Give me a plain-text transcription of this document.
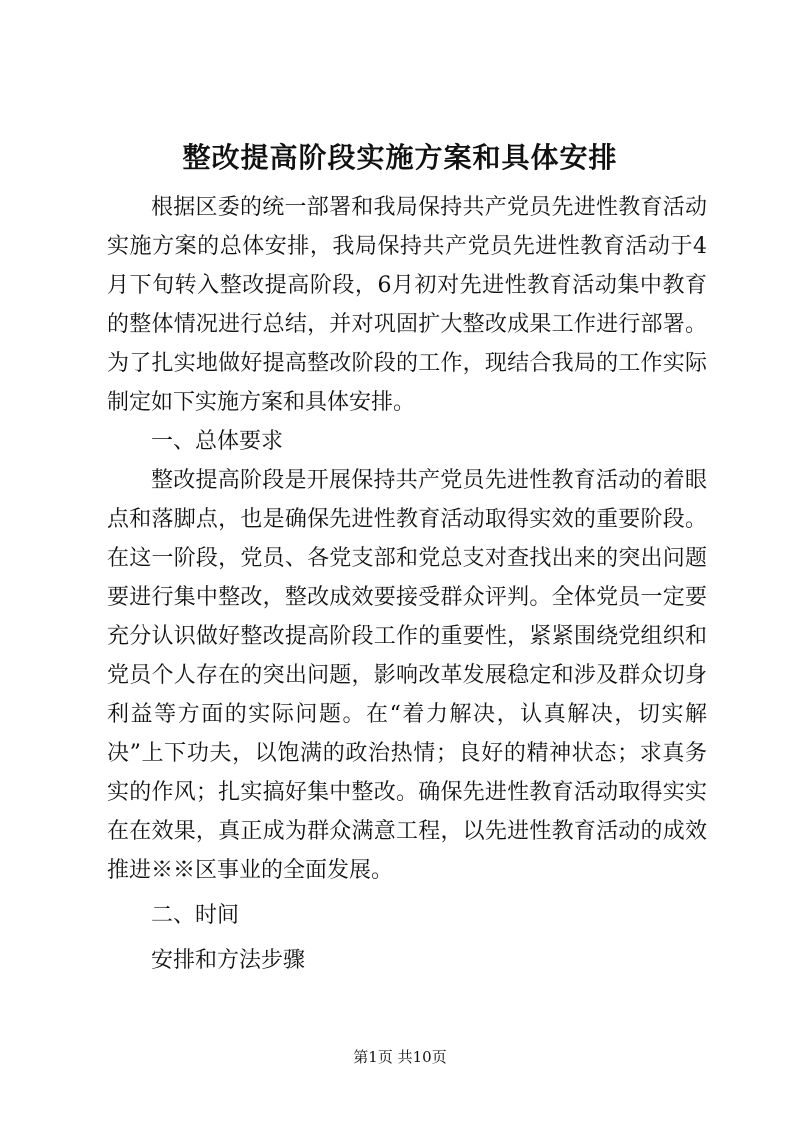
整改提高阶段实施方案和具体安排

根据区委的统一部署和我局保持共产党员先进性教育活动实施方案的总体安排，我局保持共产党员先进性教育活动于4月下旬转入整改提高阶段，6月初对先进性教育活动集中教育的整体情况进行总结，并对巩固扩大整改成果工作进行部署。为了扎实地做好提高整改阶段的工作，现结合我局的工作实际制定如下实施方案和具体安排。

一、总体要求

整改提高阶段是开展保持共产党员先进性教育活动的着眼点和落脚点，也是确保先进性教育活动取得实效的重要阶段。在这一阶段，党员、各党支部和党总支对查找出来的突出问题要进行集中整改，整改成效要接受群众评判。全体党员一定要充分认识做好整改提高阶段工作的重要性，紧紧围绕党组织和党员个人存在的突出问题，影响改革发展稳定和涉及群众切身利益等方面的实际问题。在“着力解决，认真解决，切实解决”上下功夫，以饱满的政治热情；良好的精神状态；求真务实的作风；扎实搞好集中整改。确保先进性教育活动取得实实在在效果，真正成为群众满意工程，以先进性教育活动的成效推进※※区事业的全面发展。

二、时间

安排和方法步骤

第1页 共10页
